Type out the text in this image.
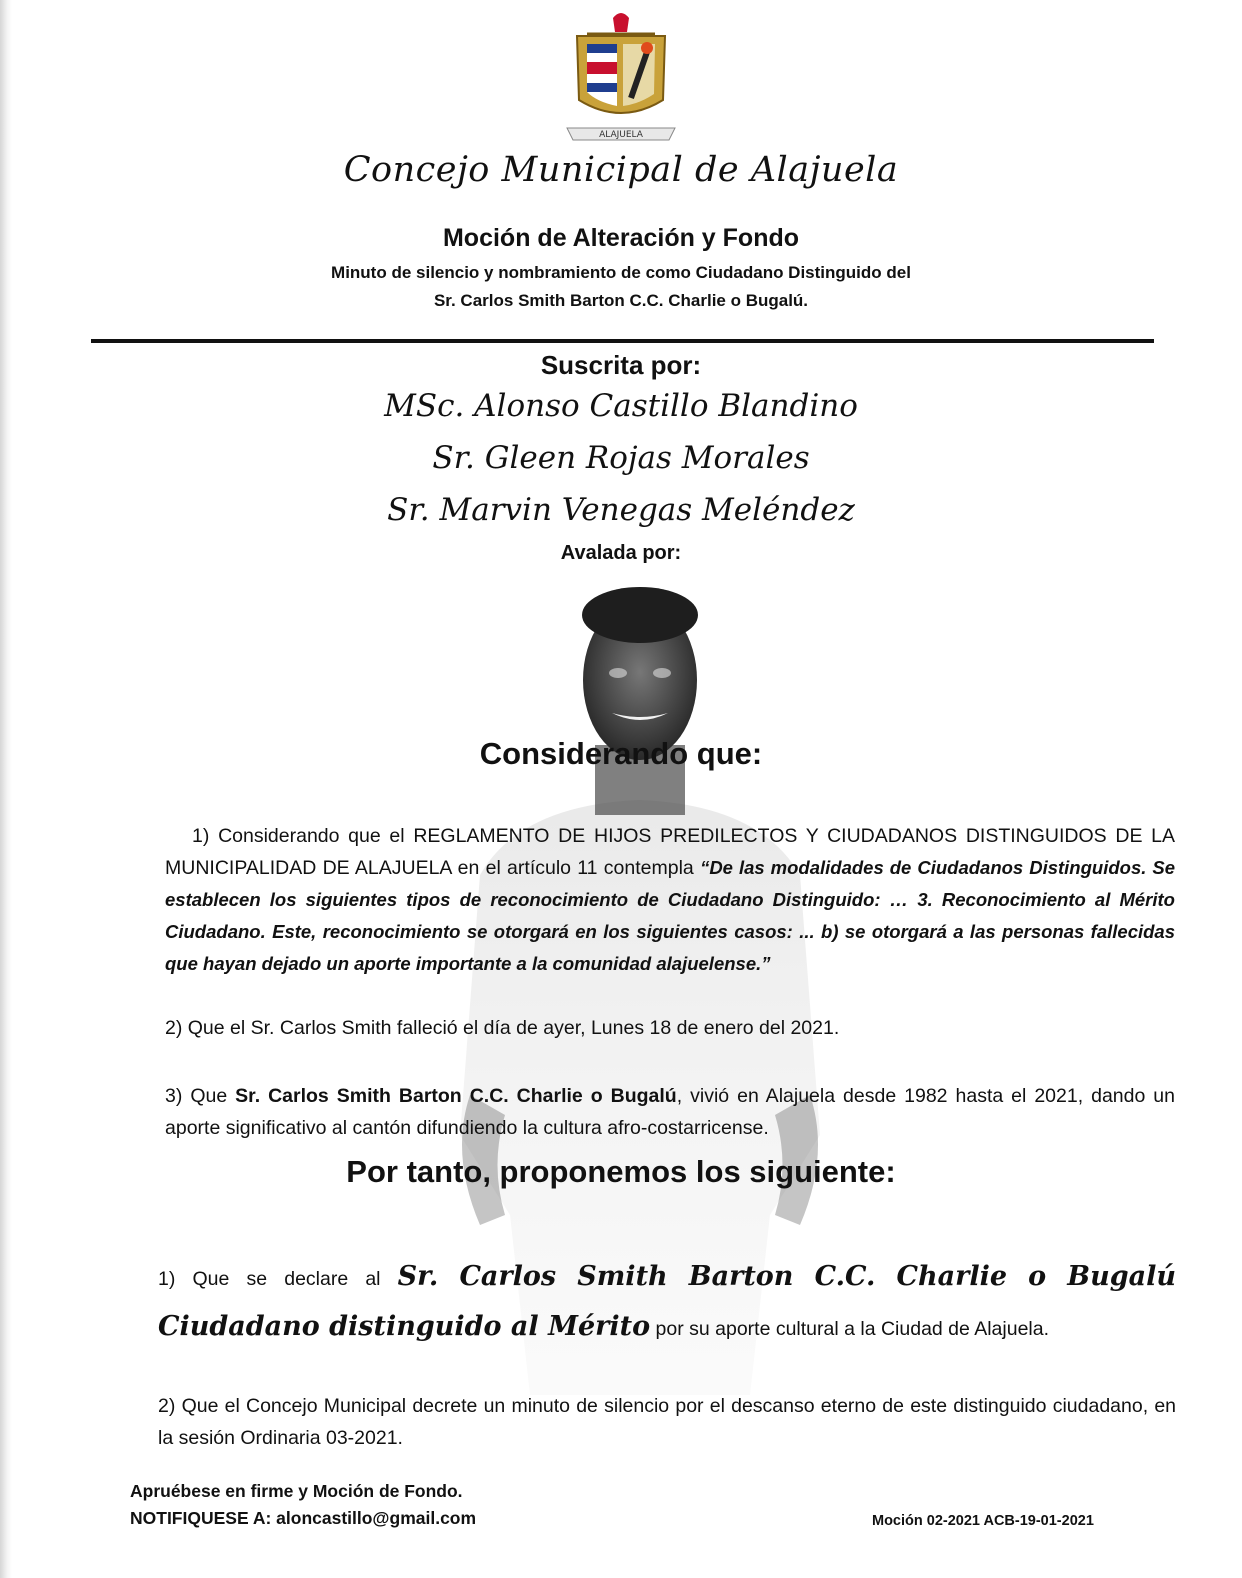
ALAJUELA
Concejo Municipal de Alajuela
Moción de Alteración y Fondo
Minuto de silencio y nombramiento de como Ciudadano Distinguido del
Sr. Carlos Smith Barton C.C. Charlie o Bugalú.
Suscrita por:
MSc. Alonso Castillo Blandino
Sr. Gleen Rojas Morales
Sr. Marvin Venegas Meléndez
Avalada por:
Considerando que:
1) Considerando que el REGLAMENTO DE HIJOS PREDILECTOS Y CIUDADANOS DISTINGUIDOS DE LA MUNICIPALIDAD DE ALAJUELA en el artículo 11 contempla “De las modalidades de Ciudadanos Distinguidos. Se establecen los siguientes tipos de reconocimiento de Ciudadano Distinguido: … 3. Reconocimiento al Mérito Ciudadano. Este, reconocimiento se otorgará en los siguientes casos: ... b) se otorgará a las personas fallecidas que hayan dejado un aporte importante a la comunidad alajuelense.”
2) Que el Sr. Carlos Smith falleció el día de ayer, Lunes 18 de enero del 2021.
3) Que Sr. Carlos Smith Barton C.C. Charlie o Bugalú, vivió en Alajuela desde 1982 hasta el 2021, dando un aporte significativo al cantón difundiendo la cultura afro-costarricense.
Por tanto, proponemos los siguiente:
1) Que se declare al Sr. Carlos Smith Barton C.C. Charlie o Bugalú Ciudadano distinguido al Mérito por su aporte cultural a la Ciudad de Alajuela.
2) Que el Concejo Municipal decrete un minuto de silencio por el descanso eterno de este distinguido ciudadano, en la sesión Ordinaria 03-2021.
Apruébese en firme y Moción de Fondo.
NOTIFIQUESE A: aloncastillo@gmail.com	Moción 02-2021 ACB-19-01-2021
